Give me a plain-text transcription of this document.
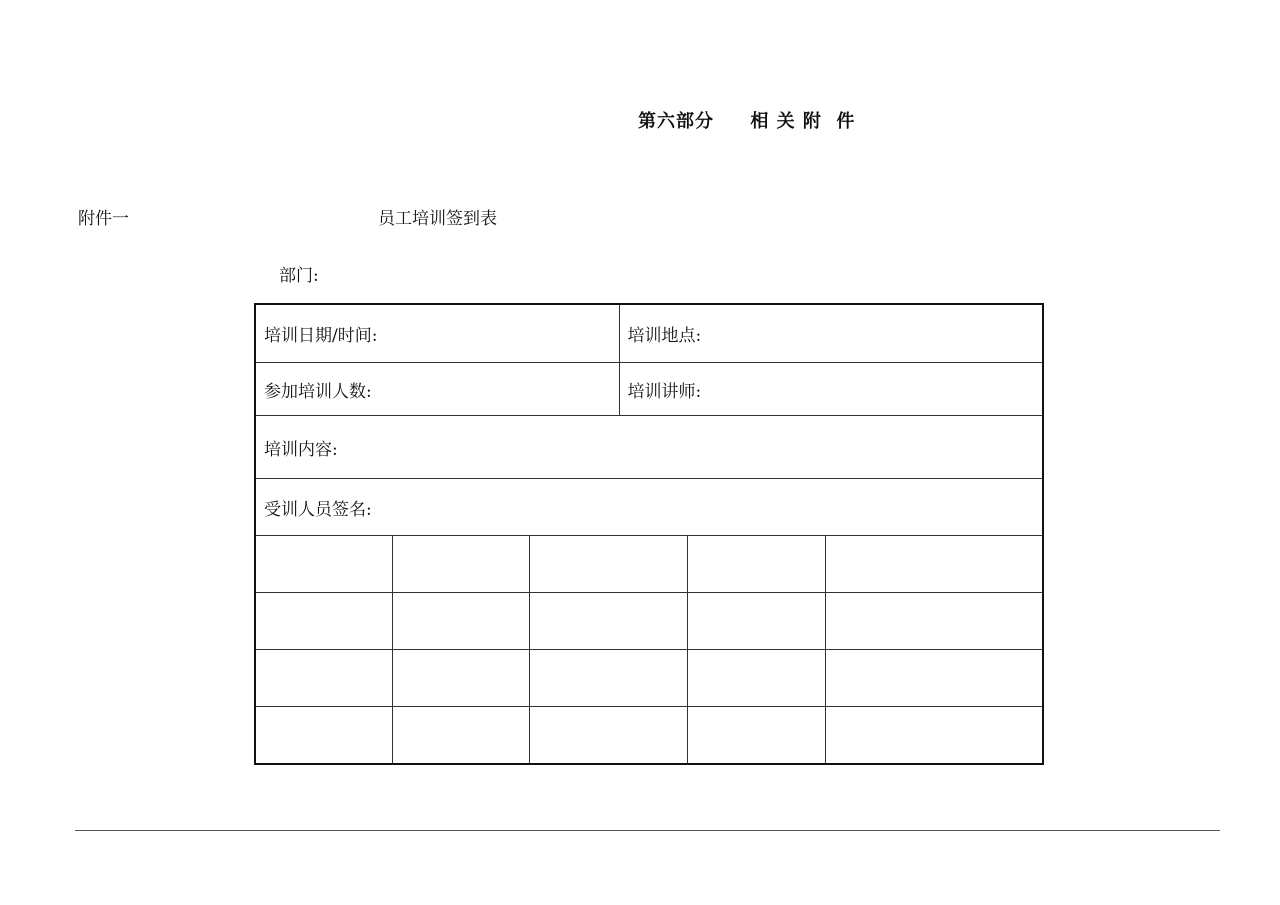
第六部分     相 关 附  件
附件一	员工培训签到表
部门:
培训日期/时间:			培训地点:		
参加培训人数:			培训讲师:		
培训内容:					
受训人员签名:					
